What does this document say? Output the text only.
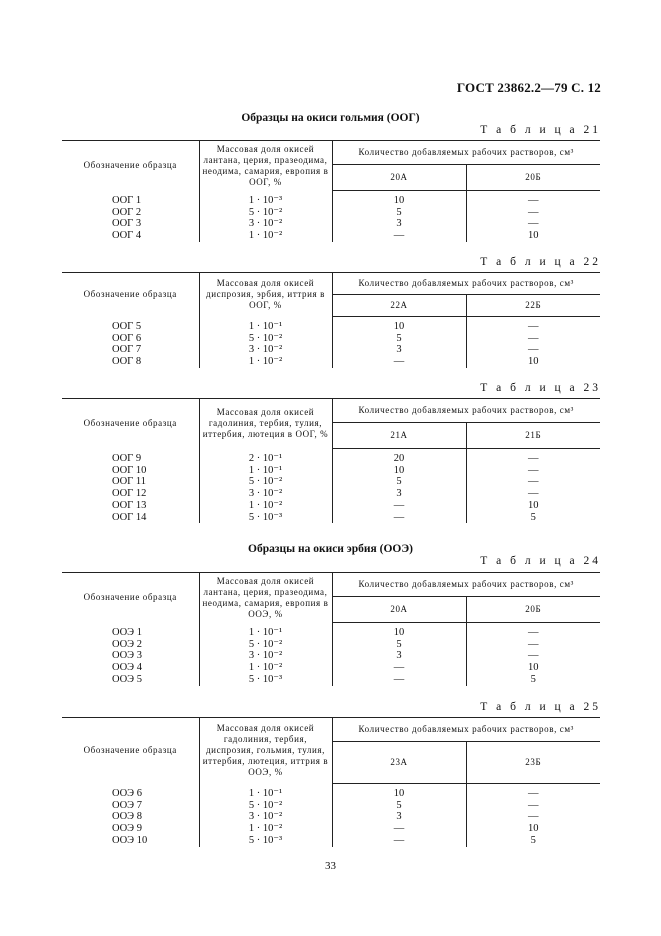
ГОСТ 23862.2—79 С. 12
Образцы на окиси гольмия (ООГ)
Т а б л и ц а 21
Обозначение образца	Массовая доля окисей лантана, церия, празеодима, неодима, самария, европия в ООГ, %	Количество добавляемых рабочих растворов, см³	
		20А	20Б
ООГ 1	1 · 10⁻³	10	—
ООГ 2	5 · 10⁻²	5	—
ООГ 3	3 · 10⁻²	3	—
ООГ 4	1 · 10⁻²	—	10
Т а б л и ц а 22
Обозначение образца	Массовая доля окисей диспрозия, эрбия, иттрия в ООГ, %	Количество добавляемых рабочих растворов, см³	
		22А	22Б
ООГ 5	1 · 10⁻¹	10	—
ООГ 6	5 · 10⁻²	5	—
ООГ 7	3 · 10⁻²	3	—
ООГ 8	1 · 10⁻²	—	10
Т а б л и ц а 23
Обозначение образца	Массовая доля окисей гадолиния, тербия, тулия, иттербия, лютеция в ООГ, %	Количество добавляемых рабочих растворов, см³	
		21А	21Б
ООГ 9	2 · 10⁻¹	20	—
ООГ 10	1 · 10⁻¹	10	—
ООГ 11	5 · 10⁻²	5	—
ООГ 12	3 · 10⁻²	3	—
ООГ 13	1 · 10⁻²	—	10
ООГ 14	5 · 10⁻³	—	5
Образцы на окиси эрбия (ООЭ)
Т а б л и ц а 24
Обозначение образца	Массовая доля окисей лантана, церия, празеодима, неодима, самария, европия в ООЭ, %	Количество добавляемых рабочих растворов, см³	
		20А	20Б
ООЭ 1	1 · 10⁻¹	10	—
ООЭ 2	5 · 10⁻²	5	—
ООЭ 3	3 · 10⁻²	3	—
ООЭ 4	1 · 10⁻²	—	10
ООЭ 5	5 · 10⁻³	—	5
Т а б л и ц а 25
Обозначение образца	Массовая доля окисей гадолиния, тербия, диспрозия, гольмия, тулия, иттербия, лютеция, иттрия в ООЭ, %	Количество добавляемых рабочих растворов, см³	
		23А	23Б
ООЭ 6	1 · 10⁻¹	10	—
ООЭ 7	5 · 10⁻²	5	—
ООЭ 8	3 · 10⁻²	3	—
ООЭ 9	1 · 10⁻²	—	10
ООЭ 10	5 · 10⁻³	—	5
33
